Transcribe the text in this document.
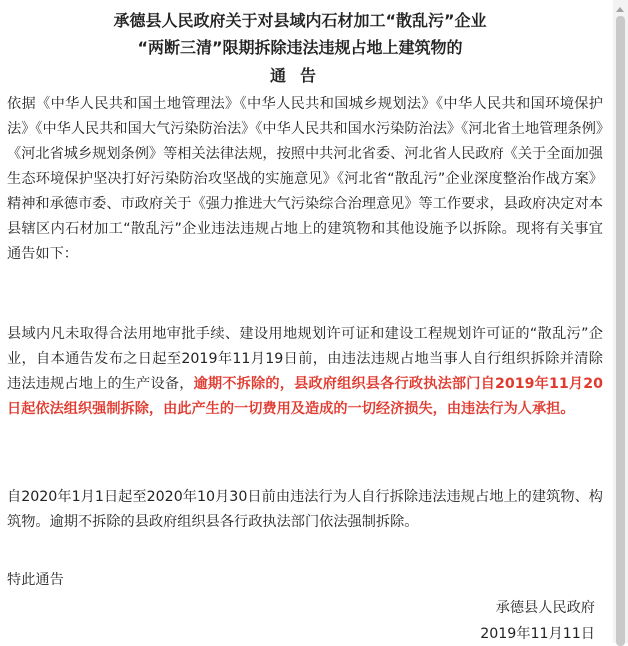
承德县人民政府关于对县域内石材加工“散乱污”企业
“两断三清”限期拆除违法违规占地上建筑物的
通告
依据《中华人民共和国土地管理法》《中华人民共和国城乡规划法》《中华人民共和国环境保护法》《中华人民共和国大气污染防治法》《中华人民共和国水污染防治法》《河北省土地管理条例》《河北省城乡规划条例》等相关法律法规，按照中共河北省委、河北省人民政府《关于全面加强生态环境保护坚决打好污染防治攻坚战的实施意见》《河北省“散乱污”企业深度整治作战方案》精神和承德市委、市政府关于《强力推进大气污染综合治理意见》等工作要求，县政府决定对本县辖区内石材加工“散乱污”企业违法违规占地上的建筑物和其他设施予以拆除。现将有关事宜通告如下：
县域内凡未取得合法用地审批手续、建设用地规划许可证和建设工程规划许可证的“散乱污”企业，自本通告发布之日起至2019年11月19日前，由违法违规占地当事人自行组织拆除并清除违法违规占地上的生产设备，逾期不拆除的，县政府组织县各行政执法部门自2019年11月20日起依法组织强制拆除，由此产生的一切费用及造成的一切经济损失，由违法行为人承担。
自2020年1月1日起至2020年10月30日前由违法行为人自行拆除违法违规占地上的建筑物、构筑物。逾期不拆除的县政府组织县各行政执法部门依法强制拆除。
特此通告
承德县人民政府
2019年11月11日
